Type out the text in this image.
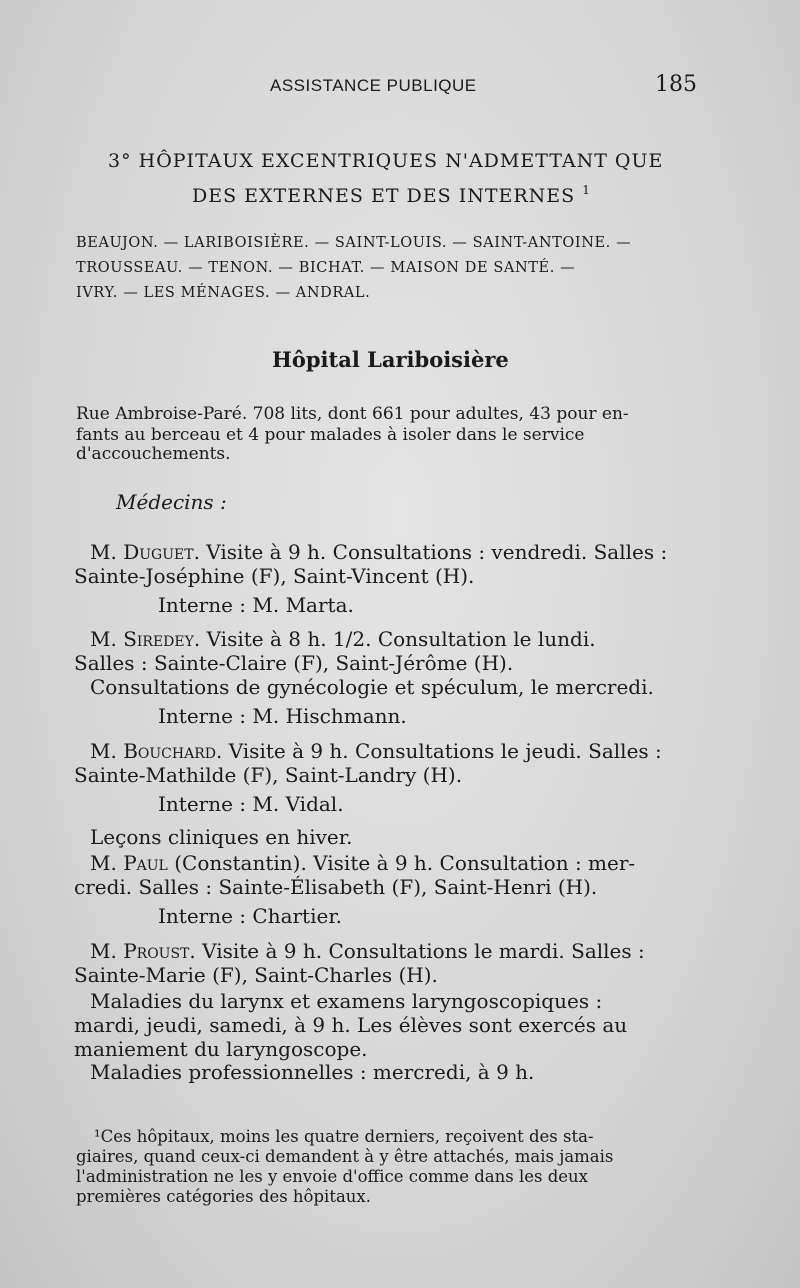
ASSISTANCE PUBLIQUE	185
3° HÔPITAUX EXCENTRIQUES N'ADMETTANT QUE
DES EXTERNES ET DES INTERNES $^1$
BEAUJON. — LARIBOISIÈRE. — SAINT-LOUIS. — SAINT-ANTOINE. —
TROUSSEAU. — TENON. — BICHAT. — MAISON DE SANTÉ. —
IVRY. — LES MÉNAGES. — ANDRAL.
Hôpital Lariboisière
Rue Ambroise-Paré. 708 lits, dont 661 pour adultes, 43 pour en-
fants au berceau et 4 pour malades à isoler dans le service
d'accouchements.
Médecins :
M. Duguet. Visite à 9 h. Consultations : vendredi. Salles :
Sainte-Joséphine (F), Saint-Vincent (H).
Interne : M. Marta.
M. Siredey. Visite à 8 h. 1/2. Consultation le lundi.
Salles : Sainte-Claire (F), Saint-Jérôme (H).
Consultations de gynécologie et spéculum, le mercredi.
Interne : M. Hischmann.
M. Bouchard. Visite à 9 h. Consultations le jeudi. Salles :
Sainte-Mathilde (F), Saint-Landry (H).
Interne : M. Vidal.
Leçons cliniques en hiver.
M. Paul (Constantin). Visite à 9 h. Consultation : mer-
credi. Salles : Sainte-Élisabeth (F), Saint-Henri (H).
Interne : Chartier.
M. Proust. Visite à 9 h. Consultations le mardi. Salles :
Sainte-Marie (F), Saint-Charles (H).
Maladies du larynx et examens laryngoscopiques :
mardi, jeudi, samedi, à 9 h. Les élèves sont exercés au
maniement du laryngoscope.
Maladies professionnelles : mercredi, à 9 h.
¹Ces hôpitaux, moins les quatre derniers, reçoivent des sta-
giaires, quand ceux-ci demandent à y être attachés, mais jamais
l'administration ne les y envoie d'office comme dans les deux
premières catégories des hôpitaux.
